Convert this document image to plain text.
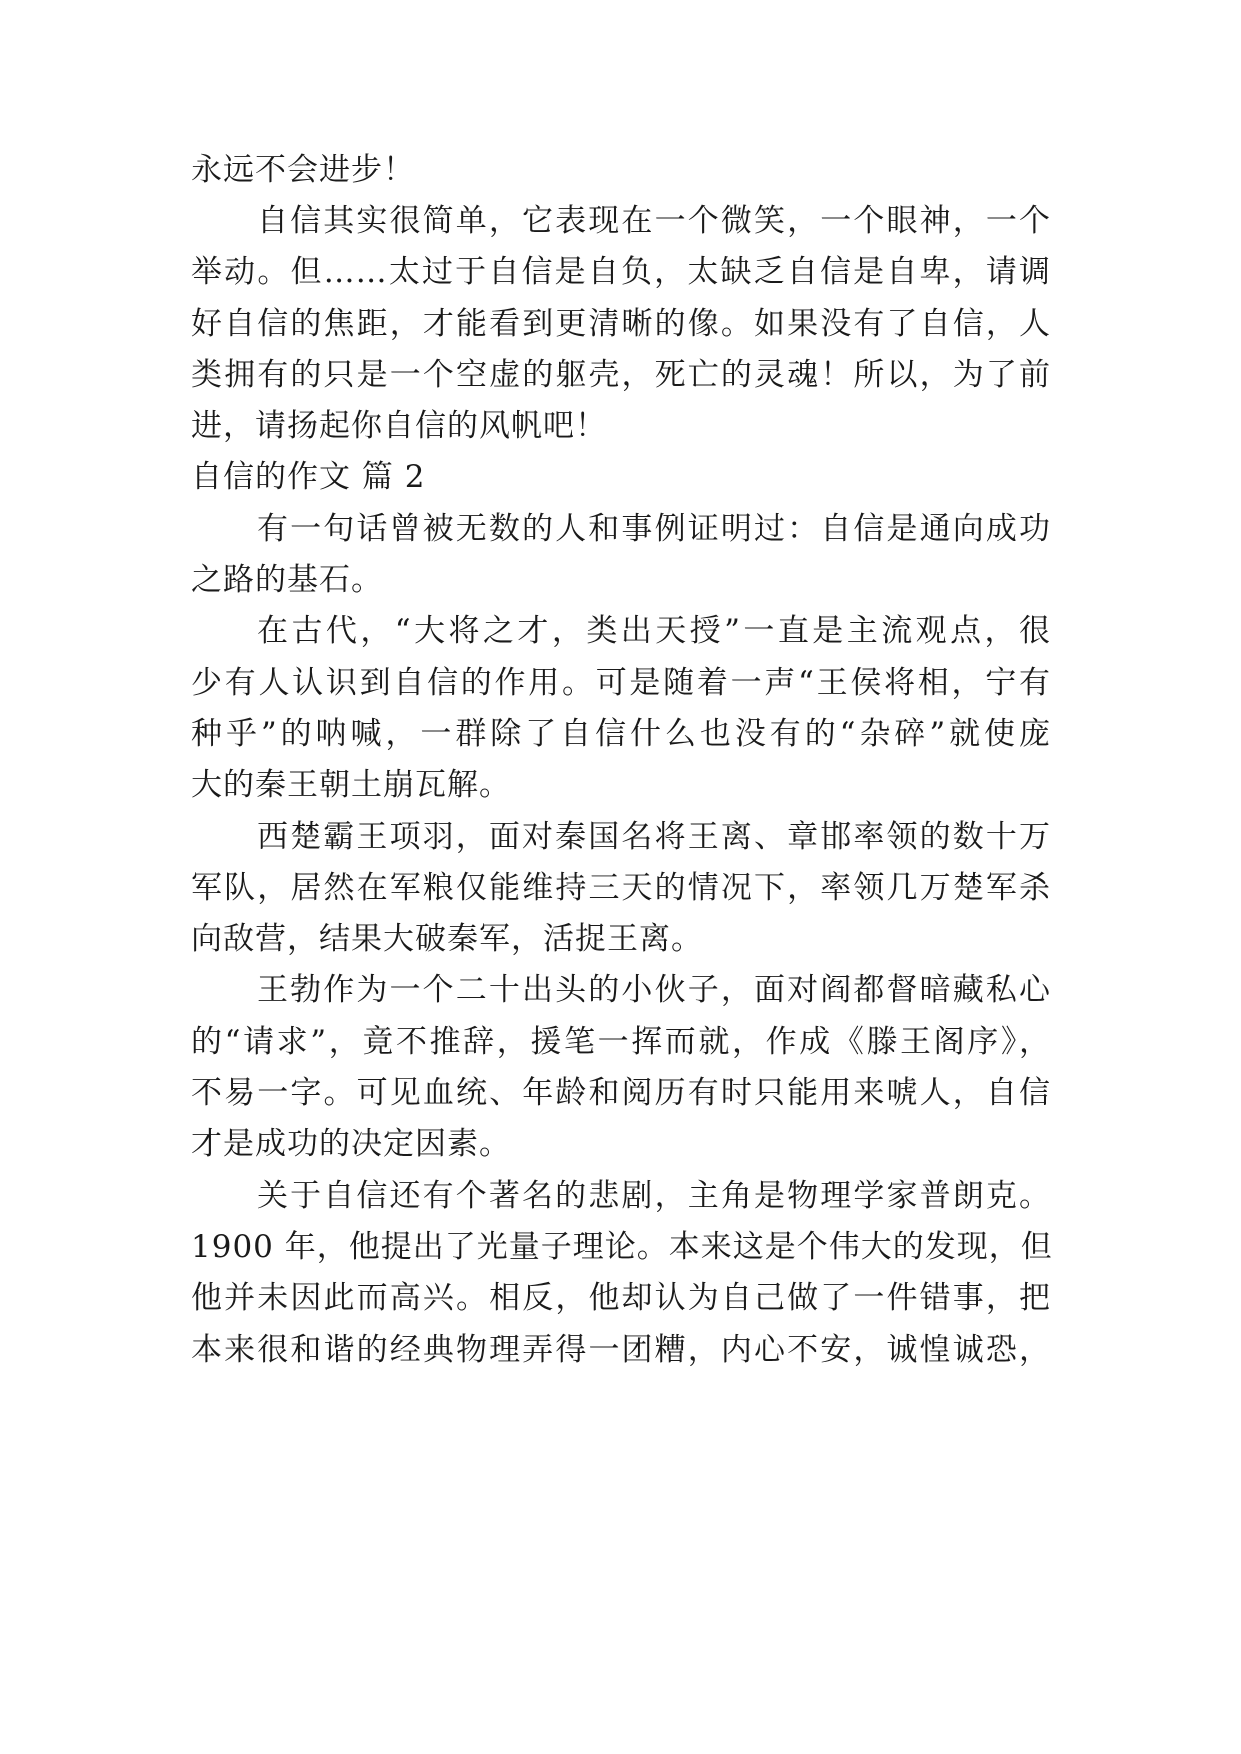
永远不会进步！
自信其实很简单，它表现在一个微笑，一个眼神，一个
举动。但……太过于自信是自负，太缺乏自信是自卑，请调
好自信的焦距，才能看到更清晰的像。如果没有了自信，人
类拥有的只是一个空虚的躯壳，死亡的灵魂！所以，为了前
进，请扬起你自信的风帆吧！
自信的作文 篇 2
有一句话曾被无数的人和事例证明过：自信是通向成功
之路的基石。
在古代，“大将之才，类出天授”一直是主流观点，很
少有人认识到自信的作用。可是随着一声“王侯将相，宁有
种乎”的呐喊，一群除了自信什么也没有的“杂碎”就使庞
大的秦王朝土崩瓦解。
西楚霸王项羽，面对秦国名将王离、章邯率领的数十万
军队，居然在军粮仅能维持三天的情况下，率领几万楚军杀
向敌营，结果大破秦军，活捉王离。
王勃作为一个二十出头的小伙子，面对阎都督暗藏私心
的“请求”，竟不推辞，援笔一挥而就，作成《滕王阁序》，
不易一字。可见血统、年龄和阅历有时只能用来唬人，自信
才是成功的决定因素。
关于自信还有个著名的悲剧，主角是物理学家普朗克。
1900 年，他提出了光量子理论。本来这是个伟大的发现，但
他并未因此而高兴。相反，他却认为自己做了一件错事，把
本来很和谐的经典物理弄得一团糟，内心不安，诚惶诚恐，
